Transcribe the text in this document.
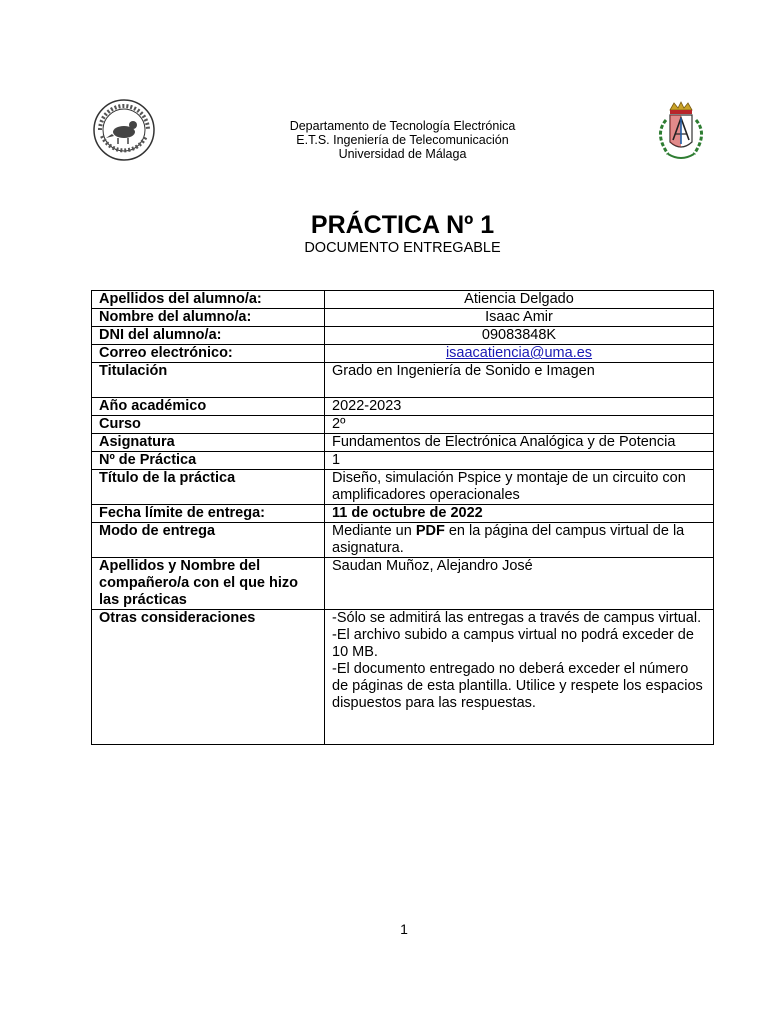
Departamento de Tecnología Electrónica
E.T.S. Ingeniería de Telecomunicación
Universidad de Málaga
PRÁCTICA Nº 1
DOCUMENTO ENTREGABLE
Apellidos del alumno/a:	Atiencia Delgado
Nombre del alumno/a:	Isaac Amir
DNI del alumno/a:	09083848K
Correo electrónico:	isaacatiencia@uma.es
Titulación	Grado en Ingeniería de Sonido e Imagen
Año académico	2022-2023
Curso	2º
Asignatura	Fundamentos de Electrónica Analógica y de Potencia
Nº de Práctica	1
Título de la práctica	Diseño, simulación Pspice y montaje de un circuito con amplificadores operacionales
Fecha límite de entrega:	11 de octubre de 2022
Modo de entrega	Mediante un PDF en la página del campus virtual de la asignatura.
Apellidos y Nombre del compañero/a con el que hizo las prácticas	Saudan Muñoz, Alejandro José
Otras consideraciones	-Sólo se admitirá las entregas a través de campus virtual.
-El archivo subido a campus virtual no podrá exceder de 10 MB.
-El documento entregado no deberá exceder el número de páginas de esta plantilla. Utilice y respete los espacios dispuestos para las respuestas.
1
